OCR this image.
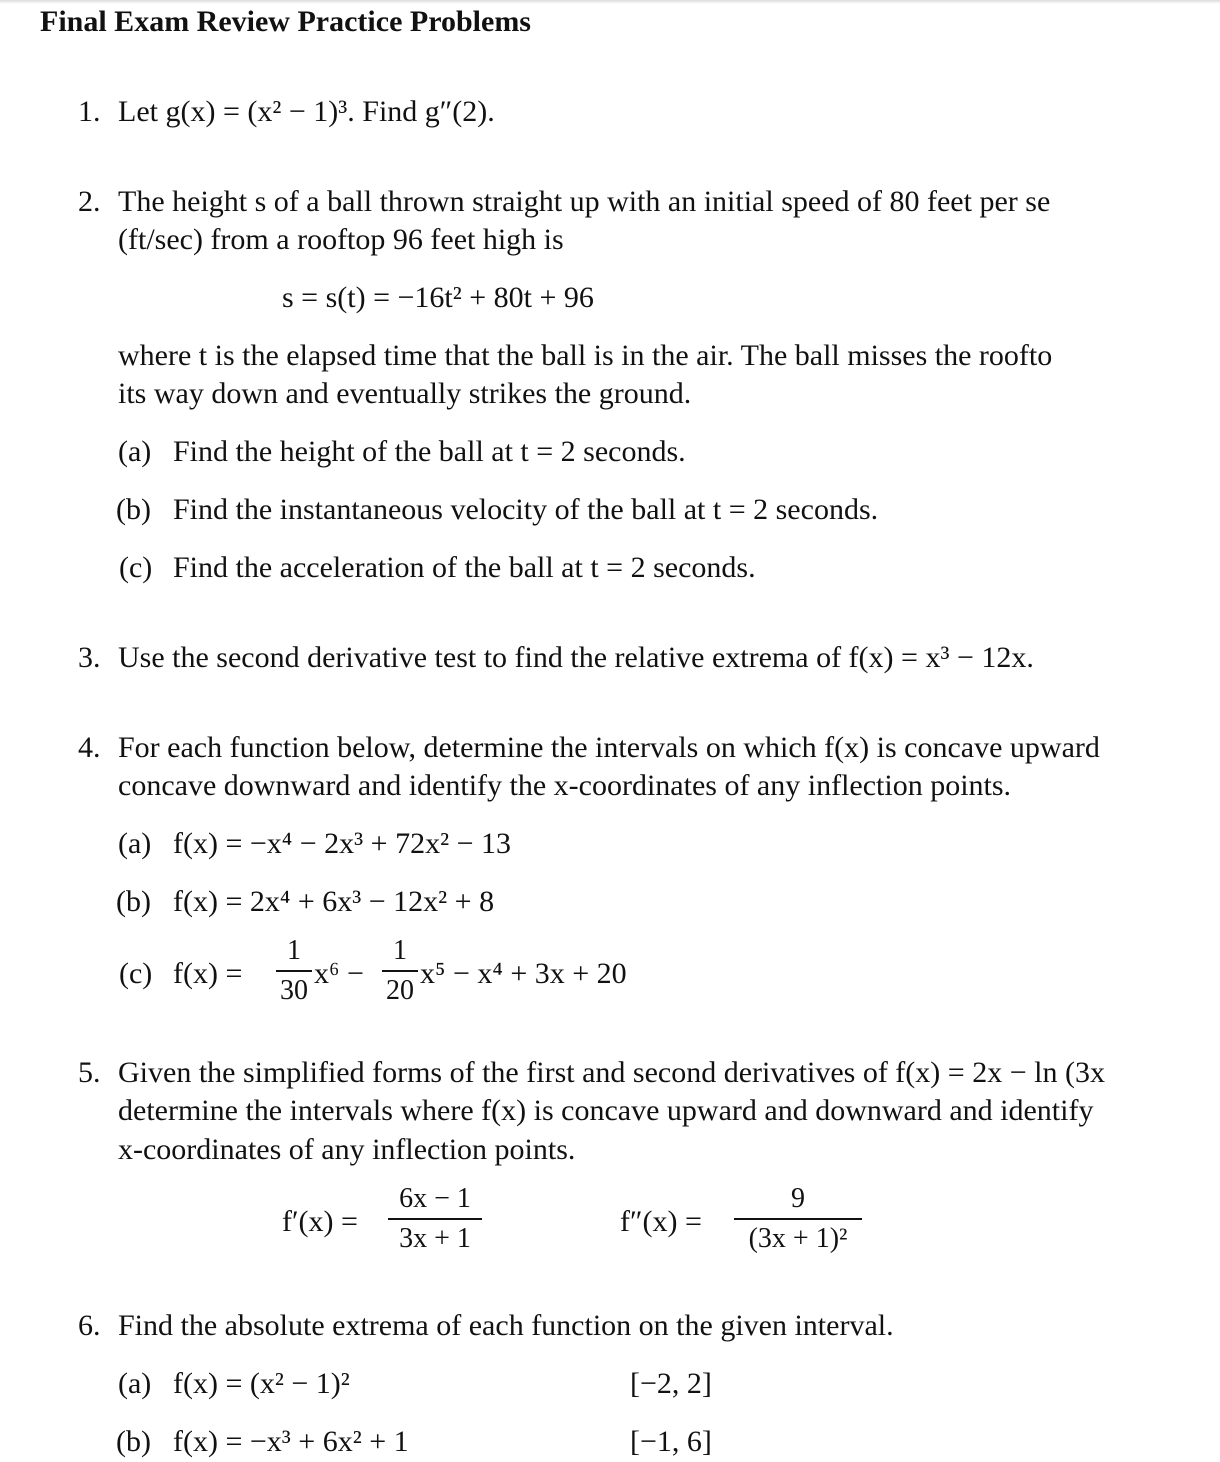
Final Exam Review Practice Problems
1. Let g(x) = (x² − 1)³. Find g″(2).
2. The height s of a ball thrown straight up with an initial speed of 80 feet per se
(ft/sec) from a rooftop 96 feet high is
s = s(t) = −16t² + 80t + 96
where t is the elapsed time that the ball is in the air. The ball misses the roofto
its way down and eventually strikes the ground.
(a) Find the height of the ball at t = 2 seconds.
(b) Find the instantaneous velocity of the ball at t = 2 seconds.
(c) Find the acceleration of the ball at t = 2 seconds.
3. Use the second derivative test to find the relative extrema of f(x) = x³ − 12x.
4. For each function below, determine the intervals on which f(x) is concave upward
concave downward and identify the x-coordinates of any inflection points.
(a) f(x) = −x⁴ − 2x³ + 72x² − 13
(b) f(x) = 2x⁴ + 6x³ − 12x² + 8
(c) f(x) =
1
30
x⁶ −
1
20
x⁵ − x⁴ + 3x + 20
5. Given the simplified forms of the first and second derivatives of f(x) = 2x − ln (3x
determine the intervals where f(x) is concave upward and downward and identify
x-coordinates of any inflection points.
f′(x) =
6x − 1
3x + 1
f″(x) =
9
(3x + 1)²
6. Find the absolute extrema of each function on the given interval.
(a) f(x) = (x² − 1)²	[−2, 2]
(b) f(x) = −x³ + 6x² + 1	[−1, 6]
